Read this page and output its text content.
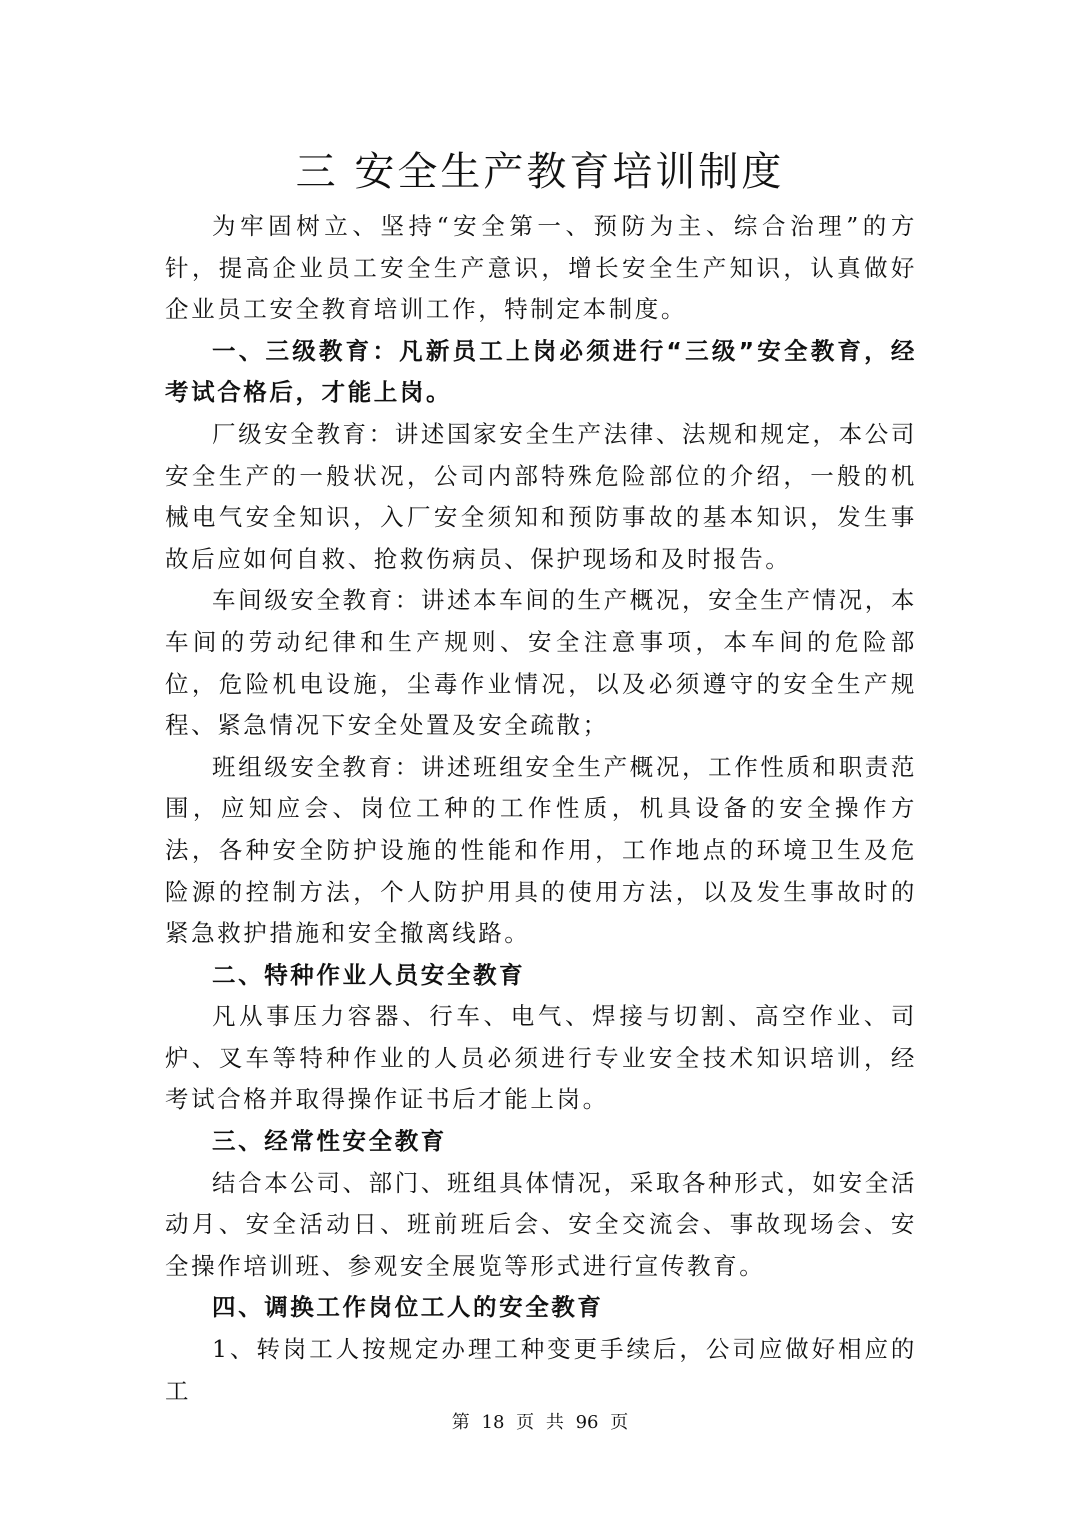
三 安全生产教育培训制度

为牢固树立、坚持“安全第一、预防为主、综合治理”的方针，提高企业员工安全生产意识，增长安全生产知识，认真做好企业员工安全教育培训工作，特制定本制度。

一、三级教育：凡新员工上岗必须进行“三级”安全教育，经考试合格后，才能上岗。

厂级安全教育：讲述国家安全生产法律、法规和规定，本公司安全生产的一般状况，公司内部特殊危险部位的介绍，一般的机械电气安全知识，入厂安全须知和预防事故的基本知识，发生事故后应如何自救、抢救伤病员、保护现场和及时报告。

车间级安全教育：讲述本车间的生产概况，安全生产情况，本车间的劳动纪律和生产规则、安全注意事项，本车间的危险部位，危险机电设施，尘毒作业情况，以及必须遵守的安全生产规程、紧急情况下安全处置及安全疏散；

班组级安全教育：讲述班组安全生产概况，工作性质和职责范围，应知应会、岗位工种的工作性质，机具设备的安全操作方法，各种安全防护设施的性能和作用，工作地点的环境卫生及危险源的控制方法，个人防护用具的使用方法，以及发生事故时的紧急救护措施和安全撤离线路。

二、特种作业人员安全教育

凡从事压力容器、行车、电气、焊接与切割、高空作业、司炉、叉车等特种作业的人员必须进行专业安全技术知识培训，经考试合格并取得操作证书后才能上岗。

三、经常性安全教育

结合本公司、部门、班组具体情况，采取各种形式，如安全活动月、安全活动日、班前班后会、安全交流会、事故现场会、安全操作培训班、参观安全展览等形式进行宣传教育。

四、调换工作岗位工人的安全教育

1、转岗工人按规定办理工种变更手续后，公司应做好相应的工

第 18 页 共 96 页
